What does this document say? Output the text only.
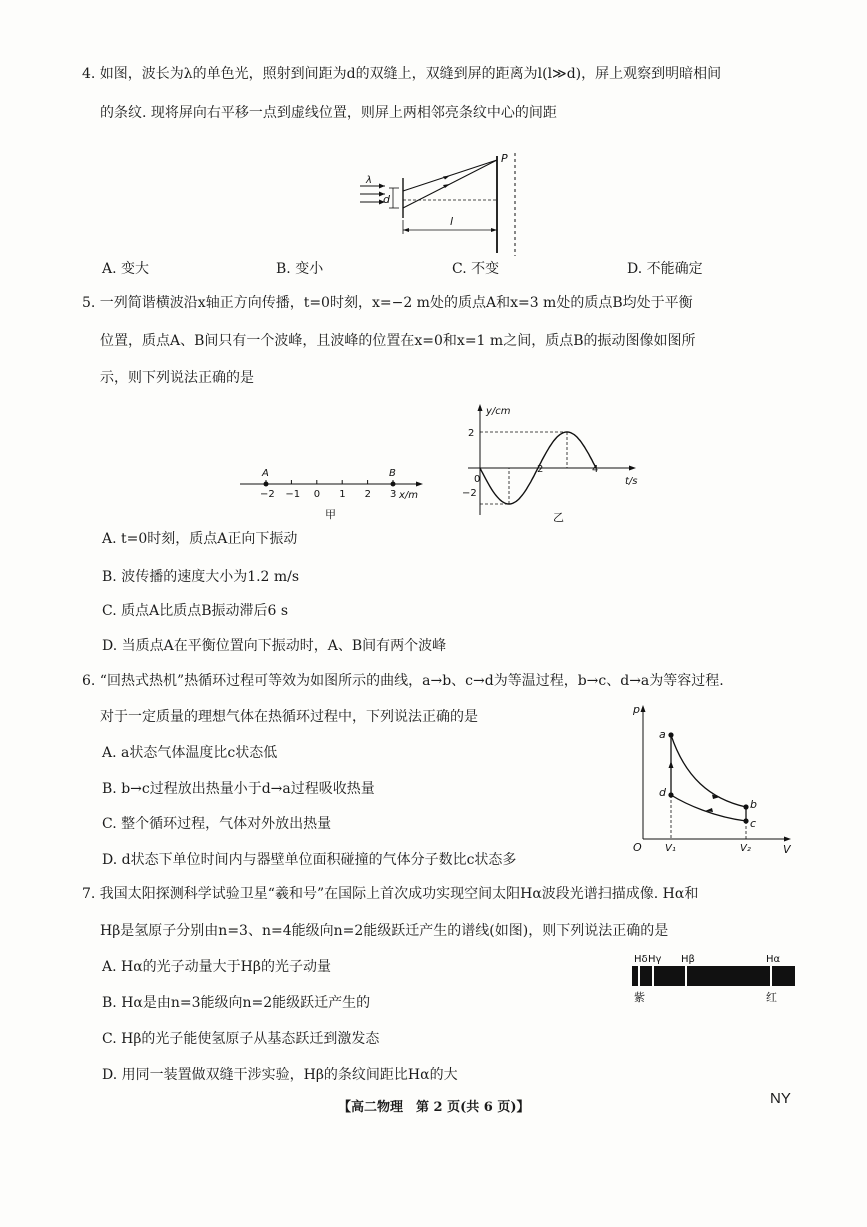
4. 如图，波长为λ的单色光，照射到间距为d的双缝上，双缝到屏的距离为l(l≫d)，屏上观察到明暗相间
的条纹. 现将屏向右平移一点到虚线位置，则屏上两相邻亮条纹中心的间距
λ
d
P
l
A. 变大	B. 变小	C. 不变	D. 不能确定
5. 一列简谐横波沿x轴正方向传播，t=0时刻，x=−2 m处的质点A和x=3 m处的质点B均处于平衡
位置，质点A、B间只有一个波峰，且波峰的位置在x=0和x=1 m之间，质点B的振动图像如图所
示，则下列说法正确的是
−2 −1 0 1 2 3
A	B
x/m
甲
y/cm
t/s
2
−2
0
2	4
乙
A. t=0时刻，质点A正向下振动
B. 波传播的速度大小为1.2 m/s
C. 质点A比质点B振动滞后6 s
D. 当质点A在平衡位置向下振动时，A、B间有两个波峰
6. “回热式热机”热循环过程可等效为如图所示的曲线，a→b、c→d为等温过程，b→c、d→a为等容过程.
对于一定质量的理想气体在热循环过程中，下列说法正确的是	p
V
O V₁	V₂
a
b
c
d
A. a状态气体温度比c状态低
B. b→c过程放出热量小于d→a过程吸收热量
C. 整个循环过程，气体对外放出热量
D. d状态下单位时间内与器壁单位面积碰撞的气体分子数比c状态多
7. 我国太阳探测科学试验卫星“羲和号”在国际上首次成功实现空间太阳Hα波段光谱扫描成像. Hα和
Hβ是氢原子分别由n=3、n=4能级向n=2能级跃迁产生的谱线(如图)，则下列说法正确的是
Hδ Hγ Hβ	Hα
紫	红
A. Hα的光子动量大于Hβ的光子动量
B. Hα是由n=3能级向n=2能级跃迁产生的
C. Hβ的光子能使氢原子从基态跃迁到激发态
D. 用同一装置做双缝干涉实验，Hβ的条纹间距比Hα的大
【高二物理　第 2 页(共 6 页)】
NY
